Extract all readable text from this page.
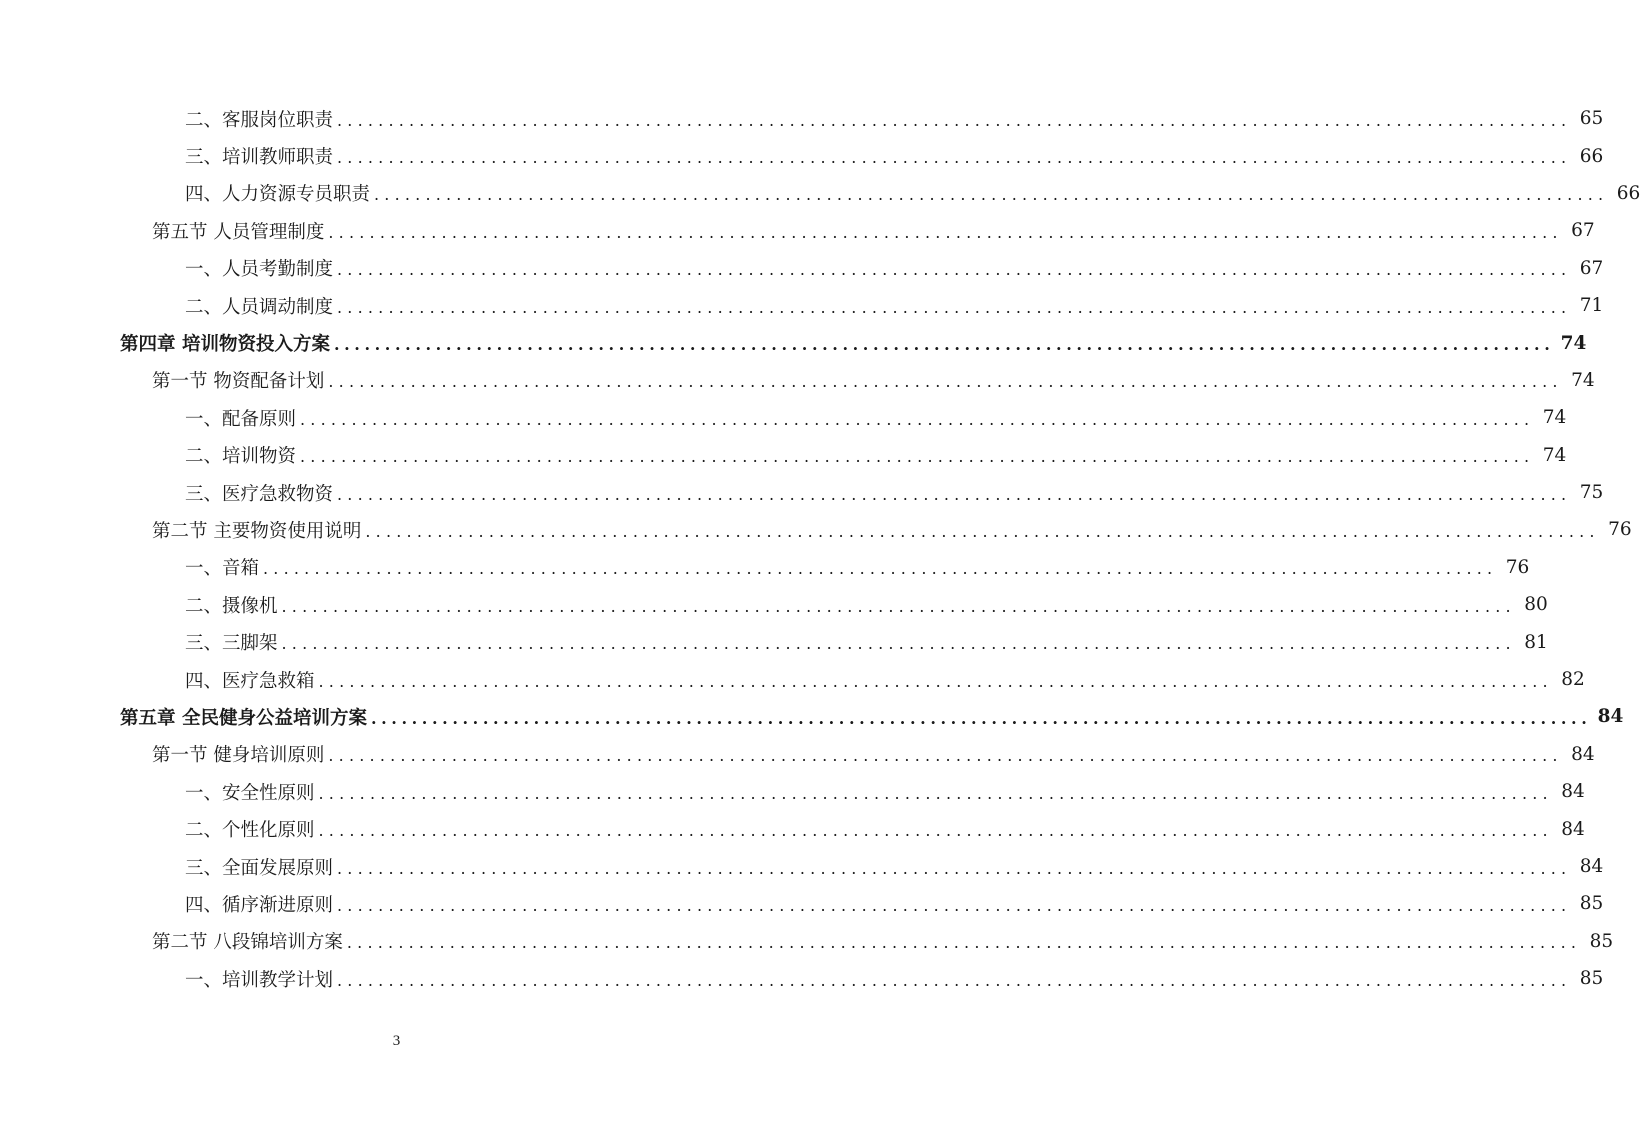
二、客服岗位职责 ........................................................................................................................ 65
三、培训教师职责 ........................................................................................................................ 66
四、人力资源专员职责 ........................................................................................................................ 66
第五节 人员管理制度 ........................................................................................................................ 67
一、人员考勤制度 ........................................................................................................................ 67
二、人员调动制度 ........................................................................................................................ 71
第四章 培训物资投入方案 ........................................................................................................................ 74
第一节 物资配备计划 ........................................................................................................................ 74
一、配备原则 ........................................................................................................................ 74
二、培训物资 ........................................................................................................................ 74
三、医疗急救物资 ........................................................................................................................ 75
第二节 主要物资使用说明 ........................................................................................................................ 76
一、音箱 ........................................................................................................................ 76
二、摄像机 ........................................................................................................................ 80
三、三脚架 ........................................................................................................................ 81
四、医疗急救箱 ........................................................................................................................ 82
第五章 全民健身公益培训方案 ........................................................................................................................ 84
第一节 健身培训原则 ........................................................................................................................ 84
一、安全性原则 ........................................................................................................................ 84
二、个性化原则 ........................................................................................................................ 84
三、全面发展原则 ........................................................................................................................ 84
四、循序渐进原则 ........................................................................................................................ 85
第二节 八段锦培训方案 ........................................................................................................................ 85
一、培训教学计划 ........................................................................................................................ 85
3
